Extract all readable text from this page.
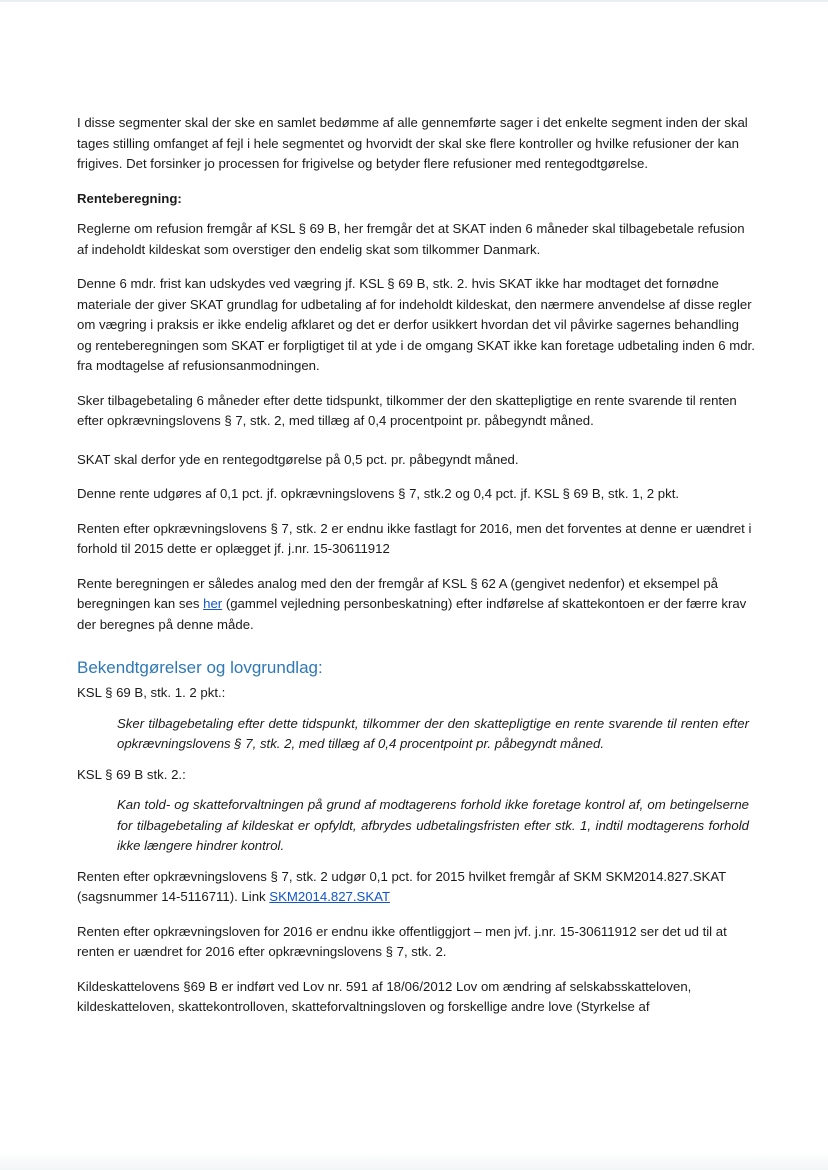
I disse segmenter skal der ske en samlet bedømme af alle gennemførte sager i det enkelte segment inden der skal tages stilling omfanget af fejl i hele segmentet og hvorvidt der skal ske flere kontroller og hvilke refusioner der kan frigives. Det forsinker jo processen for frigivelse og betyder flere refusioner med rentegodtgørelse.

Renteberegning:

Reglerne om refusion fremgår af KSL § 69 B, her fremgår det at SKAT inden 6 måneder skal tilbagebetale refusion af indeholdt kildeskat som overstiger den endelig skat som tilkommer Danmark.

Denne 6 mdr. frist kan udskydes ved vægring jf. KSL § 69 B, stk. 2. hvis SKAT ikke har modtaget det fornødne materiale der giver SKAT grundlag for udbetaling af for indeholdt kildeskat, den nærmere anvendelse af disse regler om vægring i praksis er ikke endelig afklaret og det er derfor usikkert hvordan det vil påvirke sagernes behandling og renteberegningen som SKAT er forpligtiget til at yde i de omgang SKAT ikke kan foretage udbetaling inden 6 mdr. fra modtagelse af refusionsanmodningen.

Sker tilbagebetaling 6 måneder efter dette tidspunkt, tilkommer der den skattepligtige en rente svarende til renten efter opkrævningslovens § 7, stk. 2, med tillæg af 0,4 procentpoint pr. påbegyndt måned.

SKAT skal derfor yde en rentegodtgørelse på 0,5 pct. pr. påbegyndt måned.

Denne rente udgøres af 0,1 pct. jf. opkrævningslovens § 7, stk.2 og 0,4 pct. jf. KSL § 69 B, stk. 1, 2 pkt.

Renten efter opkrævningslovens § 7, stk. 2 er endnu ikke fastlagt for 2016, men det forventes at denne er uændret i forhold til 2015 dette er oplægget jf. j.nr. 15-30611912

Rente beregningen er således analog med den der fremgår af KSL § 62 A (gengivet nedenfor) et eksempel på beregningen kan ses her (gammel vejledning personbeskatning) efter indførelse af skattekontoen er der færre krav der beregnes på denne måde.

Bekendtgørelser og lovgrundlag:

KSL § 69 B, stk. 1. 2 pkt.:

Sker tilbagebetaling efter dette tidspunkt, tilkommer der den skattepligtige en rente svarende til renten efter opkrævningslovens § 7, stk. 2, med tillæg af 0,4 procentpoint pr. påbegyndt måned.

KSL § 69 B stk. 2.:

Kan told- og skatteforvaltningen på grund af modtagerens forhold ikke foretage kontrol af, om betingelserne for tilbagebetaling af kildeskat er opfyldt, afbrydes udbetalingsfristen efter stk. 1, indtil modtagerens forhold ikke længere hindrer kontrol.

Renten efter opkrævningslovens § 7, stk. 2 udgør 0,1 pct. for 2015 hvilket fremgår af SKM SKM2014.827.SKAT (sagsnummer 14-5116711). Link SKM2014.827.SKAT

Renten efter opkrævningsloven for 2016 er endnu ikke offentliggjort – men jvf. j.nr. 15-30611912 ser det ud til at renten er uændret for 2016 efter opkrævningslovens § 7, stk. 2.

Kildeskattelovens §69 B er indført ved Lov nr. 591 af 18/06/2012 Lov om ændring af selskabsskatteloven, kildeskatteloven, skattekontrolloven, skatteforvaltningsloven og forskellige andre love (Styrkelse af
